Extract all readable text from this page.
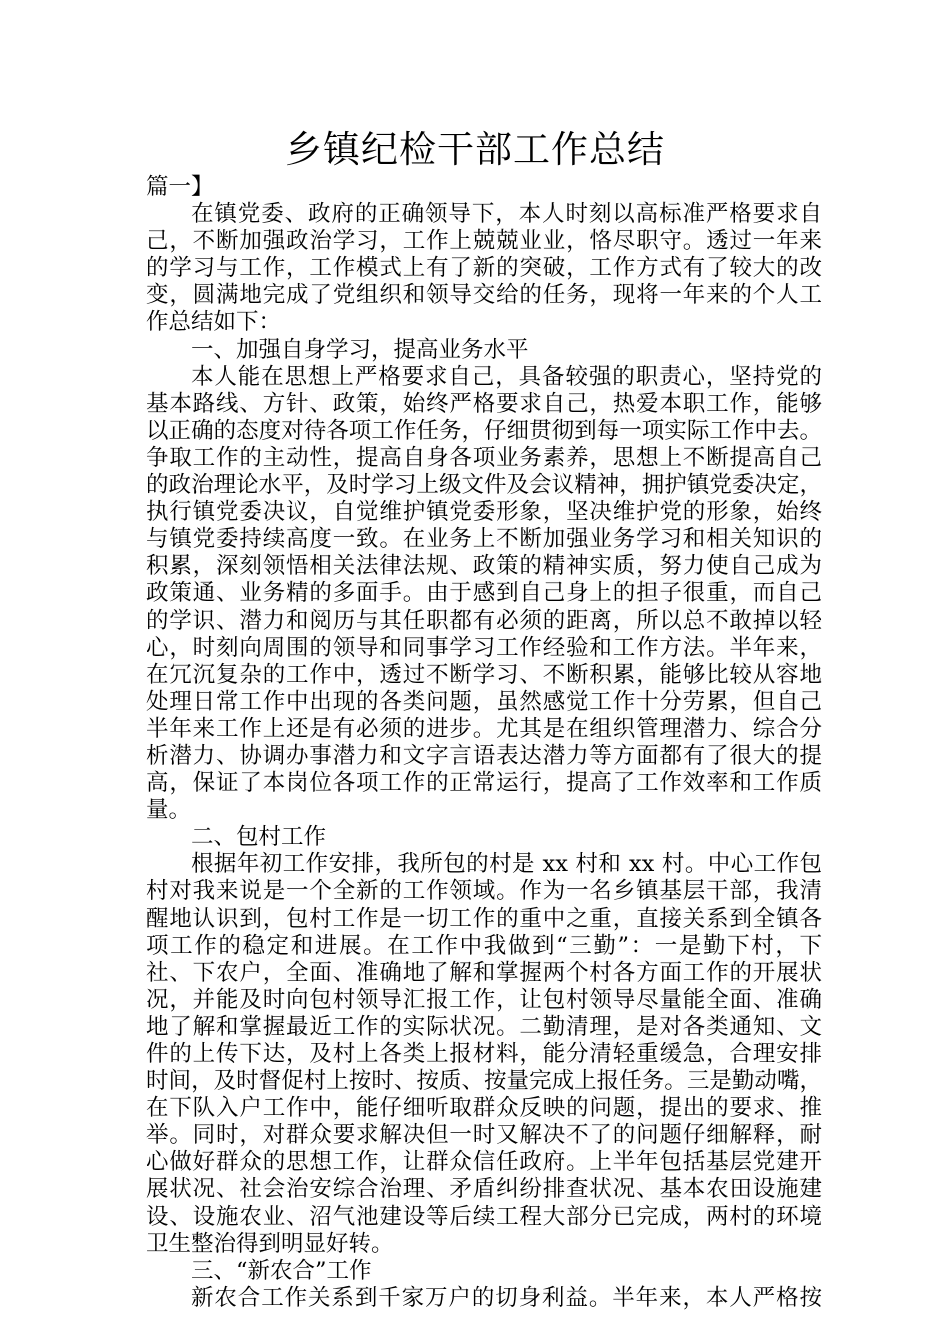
乡镇纪检干部工作总结
篇一】
在镇党委、政府的正确领导下，本人时刻以高标准严格要求自
己，不断加强政治学习，工作上兢兢业业，恪尽职守。透过一年来
的学习与工作，工作模式上有了新的突破，工作方式有了较大的改
变，圆满地完成了党组织和领导交给的任务，现将一年来的个人工
作总结如下：
一、加强自身学习，提高业务水平
本人能在思想上严格要求自己，具备较强的职责心，坚持党的
基本路线、方针、政策，始终严格要求自己，热爱本职工作，能够
以正确的态度对待各项工作任务，仔细贯彻到每一项实际工作中去。
争取工作的主动性，提高自身各项业务素养，思想上不断提高自己
的政治理论水平，及时学习上级文件及会议精神，拥护镇党委决定，
执行镇党委决议，自觉维护镇党委形象，坚决维护党的形象，始终
与镇党委持续高度一致。在业务上不断加强业务学习和相关知识的
积累，深刻领悟相关法律法规、政策的精神实质，努力使自己成为
政策通、业务精的多面手。由于感到自己身上的担子很重，而自己
的学识、潜力和阅历与其任职都有必须的距离，所以总不敢掉以轻
心，时刻向周围的领导和同事学习工作经验和工作方法。半年来，
在冗沉复杂的工作中，透过不断学习、不断积累，能够比较从容地
处理日常工作中出现的各类问题，虽然感觉工作十分劳累，但自己
半年来工作上还是有必须的进步。尤其是在组织管理潜力、综合分
析潜力、协调办事潜力和文字言语表达潜力等方面都有了很大的提
高，保证了本岗位各项工作的正常运行，提高了工作效率和工作质
量。
二、包村工作
根据年初工作安排，我所包的村是 xx 村和 xx 村。中心工作包
村对我来说是一个全新的工作领域。作为一名乡镇基层干部，我清
醒地认识到，包村工作是一切工作的重中之重，直接关系到全镇各
项工作的稳定和进展。在工作中我做到“三勤”：一是勤下村，下
社、下农户，全面、准确地了解和掌握两个村各方面工作的开展状
况，并能及时向包村领导汇报工作，让包村领导尽量能全面、准确
地了解和掌握最近工作的实际状况。二勤清理，是对各类通知、文
件的上传下达，及村上各类上报材料，能分清轻重缓急，合理安排
时间，及时督促村上按时、按质、按量完成上报任务。三是勤动嘴，
在下队入户工作中，能仔细听取群众反映的问题，提出的要求、推
举。同时，对群众要求解决但一时又解决不了的问题仔细解释，耐
心做好群众的思想工作，让群众信任政府。上半年包括基层党建开
展状况、社会治安综合治理、矛盾纠纷排查状况、基本农田设施建
设、设施农业、沼气池建设等后续工程大部分已完成，两村的环境
卫生整治得到明显好转。
三、“新农合”工作
新农合工作关系到千家万户的切身利益。半年来，本人严格按
